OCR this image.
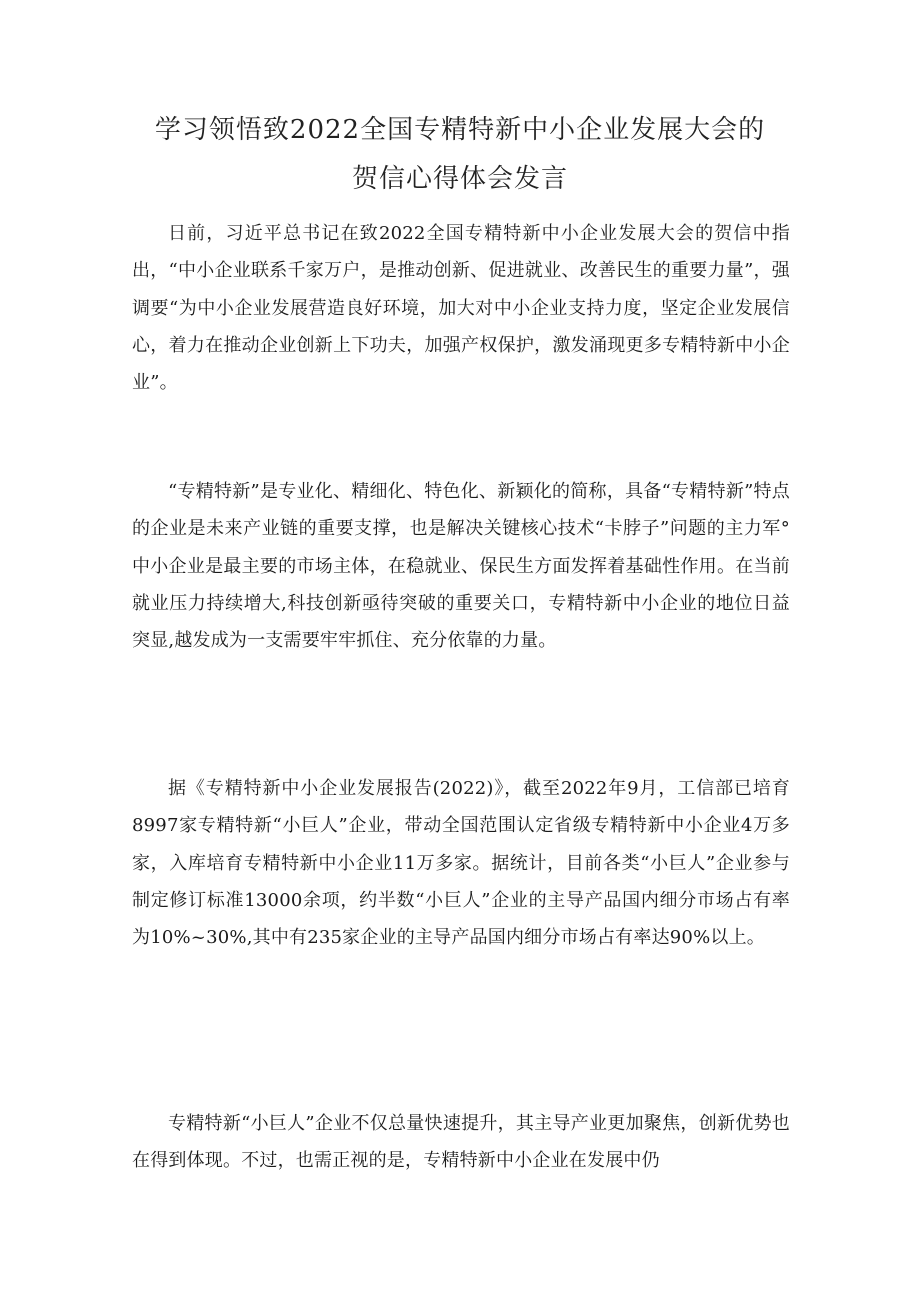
学习领悟致2022全国专精特新中小企业发展大会的
贺信心得体会发言

日前，习近平总书记在致2022全国专精特新中小企业发展大会的贺信中指出，“中小企业联系千家万户，是推动创新、促进就业、改善民生的重要力量”，强调要“为中小企业发展营造良好环境，加大对中小企业支持力度，坚定企业发展信心，着力在推动企业创新上下功夫，加强产权保护，激发涌现更多专精特新中小企业”。

“专精特新”是专业化、精细化、特色化、新颖化的简称，具备“专精特新”特点的企业是未来产业链的重要支撑，也是解决关键核心技术“卡脖子”问题的主力军°中小企业是最主要的市场主体，在稳就业、保民生方面发挥着基础性作用。在当前就业压力持续增大,科技创新亟待突破的重要关口，专精特新中小企业的地位日益突显,越发成为一支需要牢牢抓住、充分依靠的力量。

据《专精特新中小企业发展报告(2022)》，截至2022年9月，工信部已培育8997家专精特新“小巨人”企业，带动全国范围认定省级专精特新中小企业4万多家，入库培育专精特新中小企业11万多家。据统计，目前各类“小巨人”企业参与制定修订标准13000余项，约半数“小巨人”企业的主导产品国内细分市场占有率为10%~30%,其中有235家企业的主导产品国内细分市场占有率达90%以上。

专精特新“小巨人”企业不仅总量快速提升，其主导产业更加聚焦，创新优势也在得到体现。不过，也需正视的是，专精特新中小企业在发展中仍
